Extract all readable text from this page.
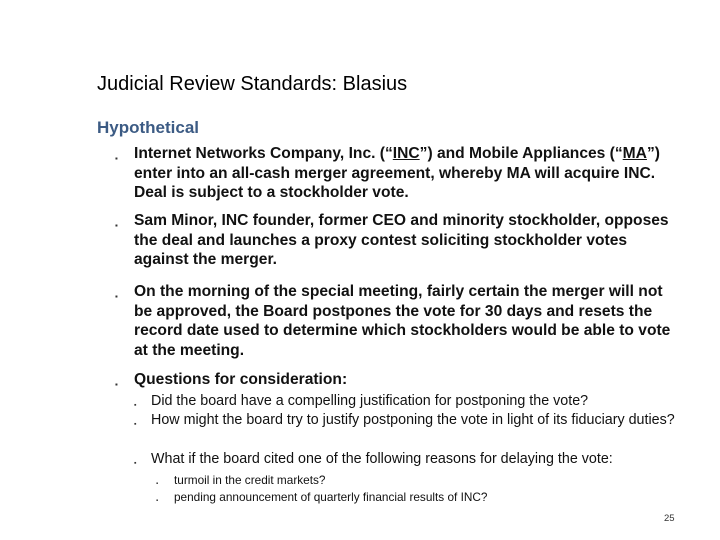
Judicial Review Standards: Blasius
Hypothetical
▪ Internet Networks Company, Inc. (“INC”) and Mobile Appliances (“MA”) enter into an all-cash merger agreement, whereby MA will acquire INC. Deal is subject to a stockholder vote.
▪ Sam Minor, INC founder, former CEO and minority stockholder, opposes the deal and launches a proxy contest soliciting stockholder votes against the merger.
▪ On the morning of the special meeting, fairly certain the merger will not be approved, the Board postpones the vote for 30 days and resets the record date used to determine which stockholders would be able to vote at the meeting.
▪ Questions for consideration:
▪ Did the board have a compelling justification for postponing the vote?
▪ How might the board try to justify postponing the vote in light of its fiduciary duties?
▪ What if the board cited one of the following reasons for delaying the vote:
▪ turmoil in the credit markets?
▪ pending announcement of quarterly financial results of INC?
25
